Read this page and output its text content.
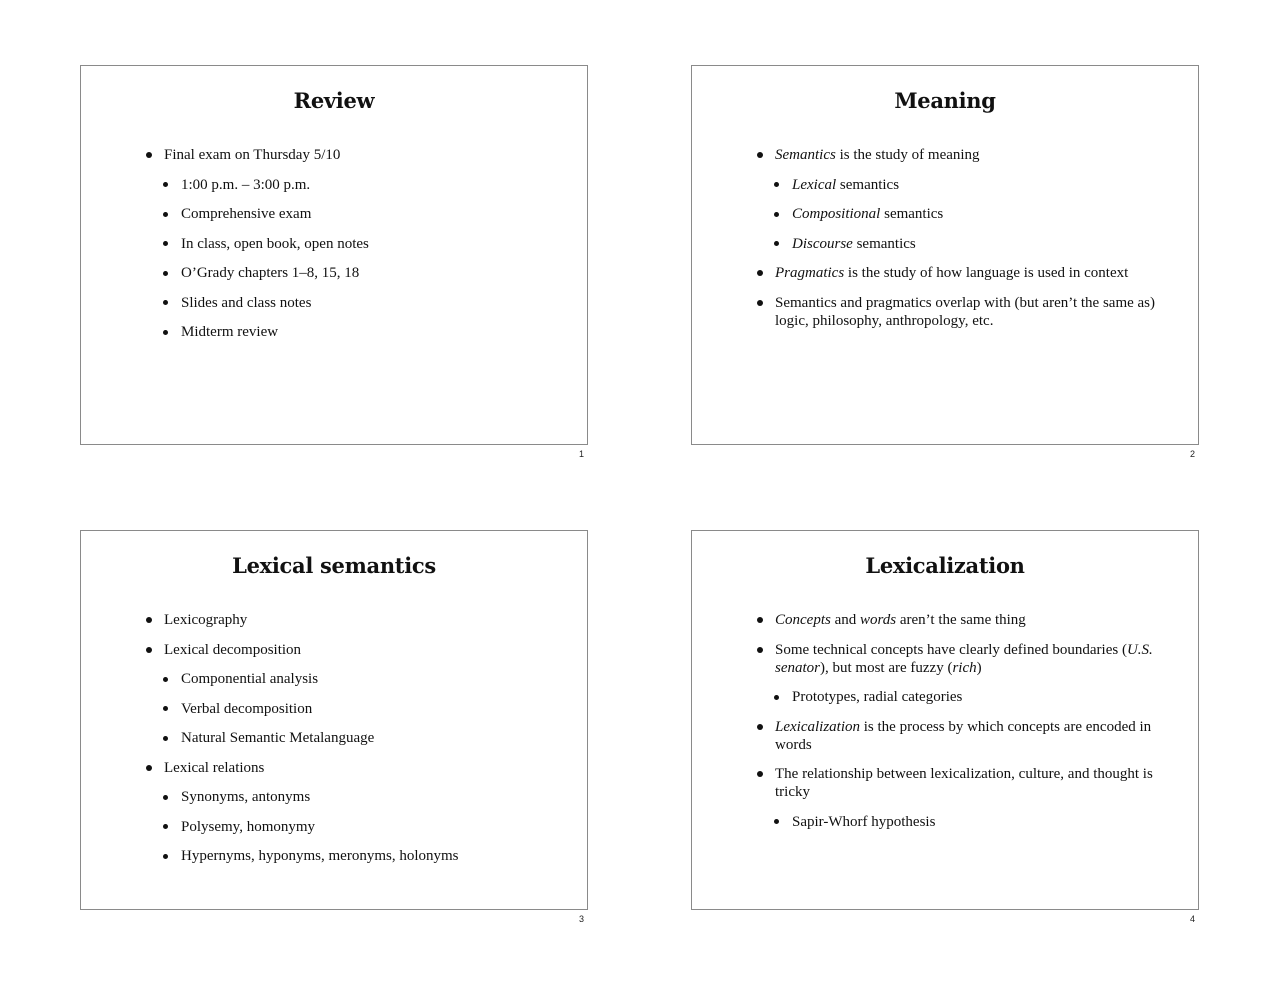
Review
Final exam on Thursday 5/10
1:00 p.m. – 3:00 p.m.
Comprehensive exam
In class, open book, open notes
O’Grady chapters 1–8, 15, 18
Slides and class notes
Midterm review
1
Meaning
Semantics is the study of meaning
Lexical semantics
Compositional semantics
Discourse semantics
Pragmatics is the study of how language is used in context
Semantics and pragmatics overlap with (but aren’t the same as) logic, philosophy, anthropology, etc.
2
Lexical semantics
Lexicography
Lexical decomposition
Componential analysis
Verbal decomposition
Natural Semantic Metalanguage
Lexical relations
Synonyms, antonyms
Polysemy, homonymy
Hypernyms, hyponyms, meronyms, holonyms
3
Lexicalization
Concepts and words aren’t the same thing
Some technical concepts have clearly defined boundaries (U.S. senator), but most are fuzzy (rich)
Prototypes, radial categories
Lexicalization is the process by which concepts are encoded in words
The relationship between lexicalization, culture, and thought is tricky
Sapir-Whorf hypothesis
4
